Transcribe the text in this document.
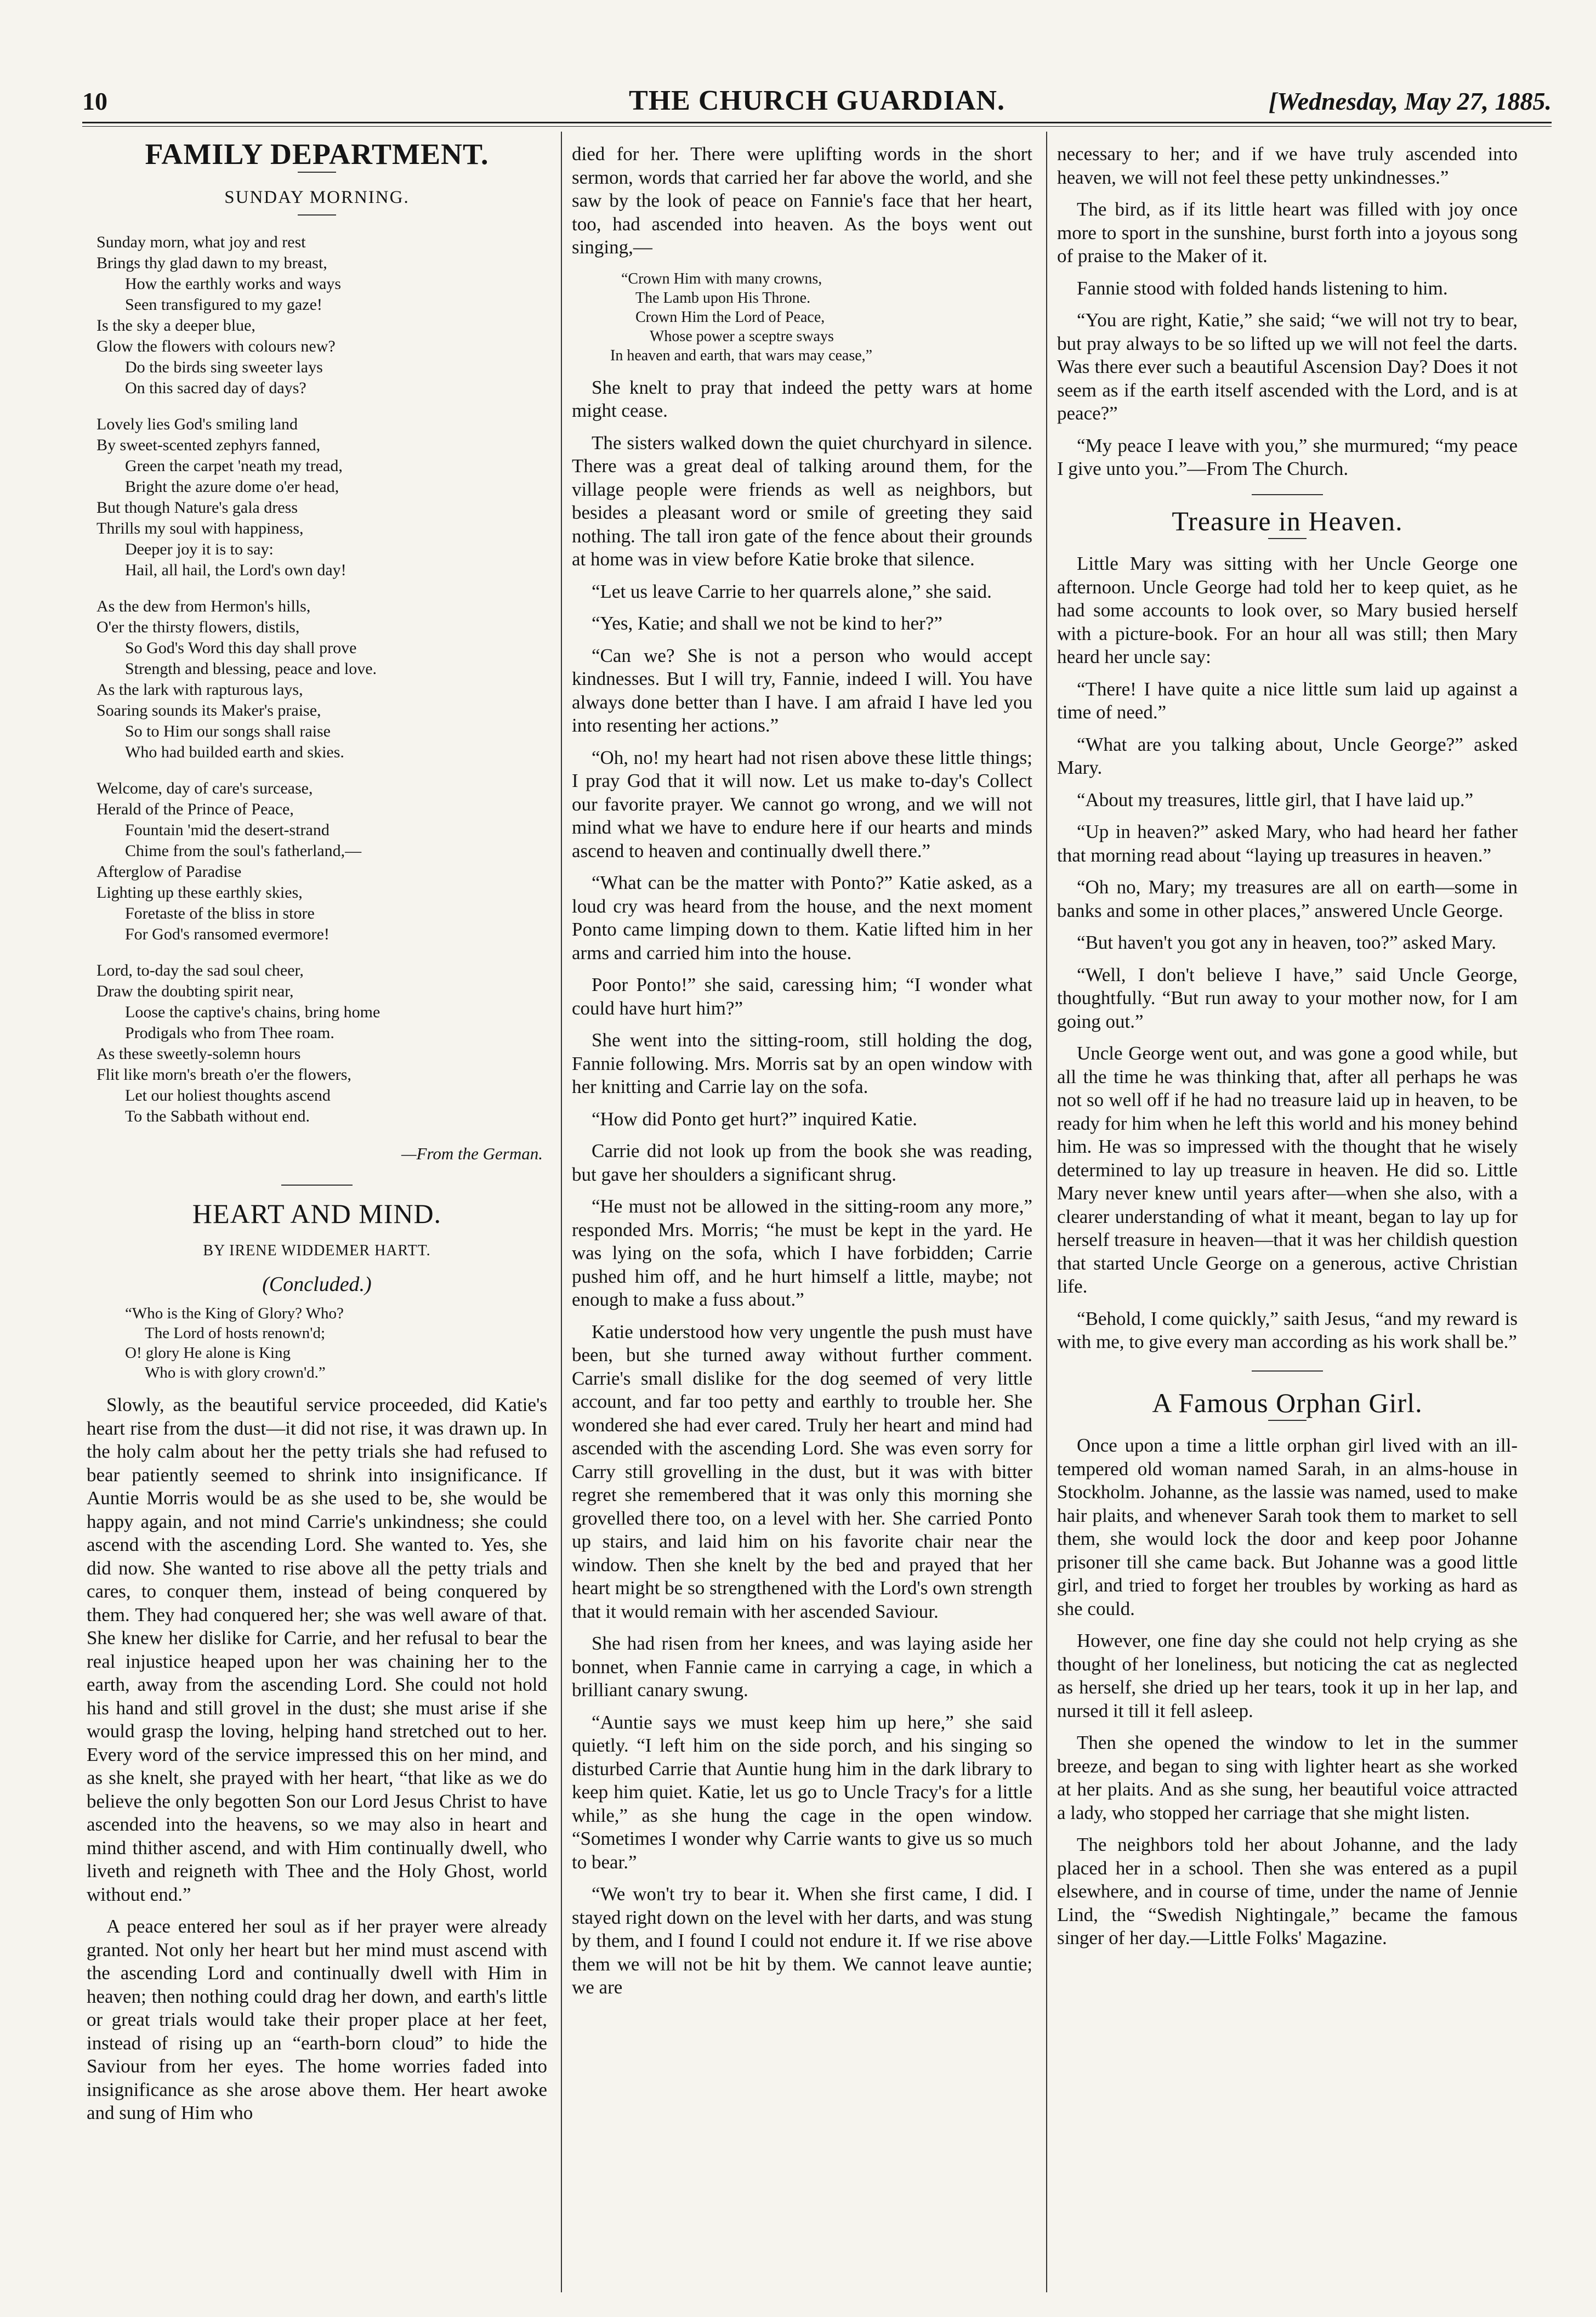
10	THE CHURCH GUARDIAN.	[Wednesday, May 27, 1885.
FAMILY DEPARTMENT.
SUNDAY MORNING.
Sunday morn, what joy and rest
Brings thy glad dawn to my breast,
How the earthly works and ways
Seen transfigured to my gaze!
Is the sky a deeper blue,
Glow the flowers with colours new?
Do the birds sing sweeter lays
On this sacred day of days?
Lovely lies God's smiling land
By sweet-scented zephyrs fanned,
Green the carpet 'neath my tread,
Bright the azure dome o'er head,
But though Nature's gala dress
Thrills my soul with happiness,
Deeper joy it is to say:
Hail, all hail, the Lord's own day!
As the dew from Hermon's hills,
O'er the thirsty flowers, distils,
So God's Word this day shall prove
Strength and blessing, peace and love.
As the lark with rapturous lays,
Soaring sounds its Maker's praise,
So to Him our songs shall raise
Who had builded earth and skies.
Welcome, day of care's surcease,
Herald of the Prince of Peace,
Fountain 'mid the desert-strand
Chime from the soul's fatherland,—
Afterglow of Paradise
Lighting up these earthly skies,
Foretaste of the bliss in store
For God's ransomed evermore!
Lord, to-day the sad soul cheer,
Draw the doubting spirit near,
Loose the captive's chains, bring home
Prodigals who from Thee roam.
As these sweetly-solemn hours
Flit like morn's breath o'er the flowers,
Let our holiest thoughts ascend
To the Sabbath without end.
—From the German.
HEART AND MIND.
BY IRENE WIDDEMER HARTT.
(Concluded.)
“Who is the King of Glory? Who?
The Lord of hosts renown'd;
O! glory He alone is King
Who is with glory crown'd.”

Slowly, as the beautiful service proceeded, did Katie's heart rise from the dust—it did not rise, it was drawn up. In the holy calm about her the petty trials she had refused to bear patiently seemed to shrink into insignificance. If Auntie Morris would be as she used to be, she would be happy again, and not mind Carrie's unkindness; she could ascend with the ascending Lord. She wanted to. Yes, she did now. She wanted to rise above all the petty trials and cares, to conquer them, instead of being conquered by them. They had conquered her; she was well aware of that. She knew her dislike for Carrie, and her refusal to bear the real injustice heaped upon her was chaining her to the earth, away from the ascending Lord. She could not hold his hand and still grovel in the dust; she must arise if she would grasp the loving, helping hand stretched out to her. Every word of the service impressed this on her mind, and as she knelt, she prayed with her heart, “that like as we do believe the only begotten Son our Lord Jesus Christ to have ascended into the heavens, so we may also in heart and mind thither ascend, and with Him continually dwell, who liveth and reigneth with Thee and the Holy Ghost, world without end.”

A peace entered her soul as if her prayer were already granted. Not only her heart but her mind must ascend with the ascending Lord and continually dwell with Him in heaven; then nothing could drag her down, and earth's little or great trials would take their proper place at her feet, instead of rising up an “earth-born cloud” to hide the Saviour from her eyes. The home worries faded into insignificance as she arose above them. Her heart awoke and sung of Him who

died for her. There were uplifting words in the short sermon, words that carried her far above the world, and she saw by the look of peace on Fannie's face that her heart, too, had ascended into heaven. As the boys went out singing,—

“Crown Him with many crowns,
The Lamb upon His Throne.
Crown Him the Lord of Peace,
Whose power a sceptre sways
In heaven and earth, that wars may cease,”

She knelt to pray that indeed the petty wars at home might cease.

The sisters walked down the quiet churchyard in silence. There was a great deal of talking around them, for the village people were friends as well as neighbors, but besides a pleasant word or smile of greeting they said nothing. The tall iron gate of the fence about their grounds at home was in view before Katie broke that silence.

“Let us leave Carrie to her quarrels alone,” she said.

“Yes, Katie; and shall we not be kind to her?”

“Can we? She is not a person who would accept kindnesses. But I will try, Fannie, indeed I will. You have always done better than I have. I am afraid I have led you into resenting her actions.”

“Oh, no! my heart had not risen above these little things; I pray God that it will now. Let us make to-day's Collect our favorite prayer. We cannot go wrong, and we will not mind what we have to endure here if our hearts and minds ascend to heaven and continually dwell there.”

“What can be the matter with Ponto?” Katie asked, as a loud cry was heard from the house, and the next moment Ponto came limping down to them. Katie lifted him in her arms and carried him into the house.

Poor Ponto!” she said, caressing him; “I wonder what could have hurt him?”

She went into the sitting-room, still holding the dog, Fannie following. Mrs. Morris sat by an open window with her knitting and Carrie lay on the sofa.

“How did Ponto get hurt?” inquired Katie.

Carrie did not look up from the book she was reading, but gave her shoulders a significant shrug.

“He must not be allowed in the sitting-room any more,” responded Mrs. Morris; “he must be kept in the yard. He was lying on the sofa, which I have forbidden; Carrie pushed him off, and he hurt himself a little, maybe; not enough to make a fuss about.”

Katie understood how very ungentle the push must have been, but she turned away without further comment. Carrie's small dislike for the dog seemed of very little account, and far too petty and earthly to trouble her. She wondered she had ever cared. Truly her heart and mind had ascended with the ascending Lord. She was even sorry for Carry still grovelling in the dust, but it was with bitter regret she remembered that it was only this morning she grovelled there too, on a level with her. She carried Ponto up stairs, and laid him on his favorite chair near the window. Then she knelt by the bed and prayed that her heart might be so strengthened with the Lord's own strength that it would remain with her ascended Saviour.

She had risen from her knees, and was laying aside her bonnet, when Fannie came in carrying a cage, in which a brilliant canary swung.

“Auntie says we must keep him up here,” she said quietly. “I left him on the side porch, and his singing so disturbed Carrie that Auntie hung him in the dark library to keep him quiet. Katie, let us go to Uncle Tracy's for a little while,” as she hung the cage in the open window. “Sometimes I wonder why Carrie wants to give us so much to bear.”

“We won't try to bear it. When she first came, I did. I stayed right down on the level with her darts, and was stung by them, and I found I could not endure it. If we rise above them we will not be hit by them. We cannot leave auntie; we are

necessary to her; and if we have truly ascended into heaven, we will not feel these petty unkindnesses.”

The bird, as if its little heart was filled with joy once more to sport in the sunshine, burst forth into a joyous song of praise to the Maker of it.

Fannie stood with folded hands listening to him.

“You are right, Katie,” she said; “we will not try to bear, but pray always to be so lifted up we will not feel the darts. Was there ever such a beautiful Ascension Day? Does it not seem as if the earth itself ascended with the Lord, and is at peace?”

“My peace I leave with you,” she murmured; “my peace I give unto you.”—From The Church.

Treasure in Heaven.

Little Mary was sitting with her Uncle George one afternoon. Uncle George had told her to keep quiet, as he had some accounts to look over, so Mary busied herself with a picture-book. For an hour all was still; then Mary heard her uncle say:

“There! I have quite a nice little sum laid up against a time of need.”

“What are you talking about, Uncle George?” asked Mary.

“About my treasures, little girl, that I have laid up.”

“Up in heaven?” asked Mary, who had heard her father that morning read about “laying up treasures in heaven.”

“Oh no, Mary; my treasures are all on earth—some in banks and some in other places,” answered Uncle George.

“But haven't you got any in heaven, too?” asked Mary.

“Well, I don't believe I have,” said Uncle George, thoughtfully. “But run away to your mother now, for I am going out.”

Uncle George went out, and was gone a good while, but all the time he was thinking that, after all perhaps he was not so well off if he had no treasure laid up in heaven, to be ready for him when he left this world and his money behind him. He was so impressed with the thought that he wisely determined to lay up treasure in heaven. He did so. Little Mary never knew until years after—when she also, with a clearer understanding of what it meant, began to lay up for herself treasure in heaven—that it was her childish question that started Uncle George on a generous, active Christian life.

“Behold, I come quickly,” saith Jesus, “and my reward is with me, to give every man according as his work shall be.”

A Famous Orphan Girl.

Once upon a time a little orphan girl lived with an ill-tempered old woman named Sarah, in an alms-house in Stockholm. Johanne, as the lassie was named, used to make hair plaits, and whenever Sarah took them to market to sell them, she would lock the door and keep poor Johanne prisoner till she came back. But Johanne was a good little girl, and tried to forget her troubles by working as hard as she could.

However, one fine day she could not help crying as she thought of her loneliness, but noticing the cat as neglected as herself, she dried up her tears, took it up in her lap, and nursed it till it fell asleep.

Then she opened the window to let in the summer breeze, and began to sing with lighter heart as she worked at her plaits. And as she sung, her beautiful voice attracted a lady, who stopped her carriage that she might listen.

The neighbors told her about Johanne, and the lady placed her in a school. Then she was entered as a pupil elsewhere, and in course of time, under the name of Jennie Lind, the “Swedish Nightingale,” became the famous singer of her day.—Little Folks' Magazine.
